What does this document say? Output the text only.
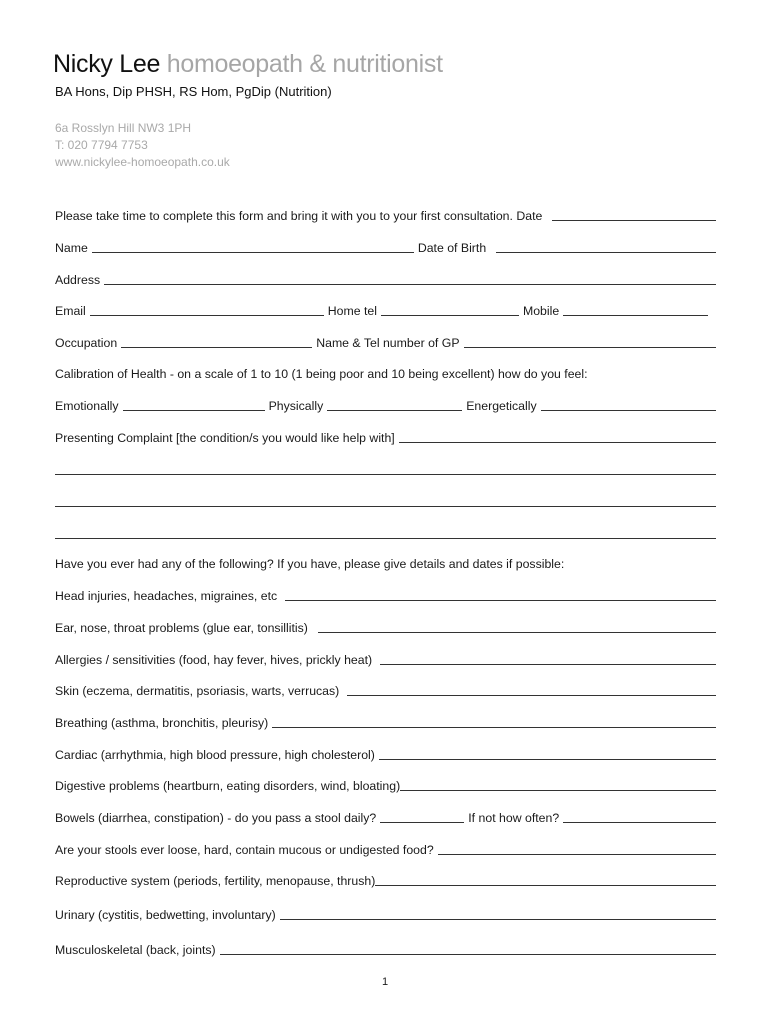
Nicky Lee homoeopath & nutritionist
BA Hons, Dip PHSH, RS Hom, PgDip (Nutrition)
6a Rosslyn Hill NW3 1PH
T: 020 7794 7753
www.nickylee-homoeopath.co.uk
Please take time to complete this form and bring it with you to your first consultation. Date
Name	Date of Birth
Address
Email	Home tel	Mobile
Occupation	Name & Tel number of GP
Calibration of Health - on a scale of 1 to 10 (1 being poor and 10 being excellent) how do you feel:
Emotionally	Physically	Energetically
Presenting Complaint [the condition/s you would like help with]
Have you ever had any of the following? If you have, please give details and dates if possible:
Head injuries, headaches, migraines, etc
Ear, nose, throat problems (glue ear, tonsillitis)
Allergies / sensitivities (food, hay fever, hives, prickly heat)
Skin (eczema, dermatitis, psoriasis, warts, verrucas)
Breathing (asthma, bronchitis, pleurisy)
Cardiac (arrhythmia, high blood pressure, high cholesterol)
Digestive problems (heartburn, eating disorders, wind, bloating)
Bowels (diarrhea, constipation) - do you pass a stool daily?	If not how often?
Are your stools ever loose, hard, contain mucous or undigested food?
Reproductive system (periods, fertility, menopause, thrush)
Urinary (cystitis, bedwetting, involuntary)
Musculoskeletal (back, joints)
1
